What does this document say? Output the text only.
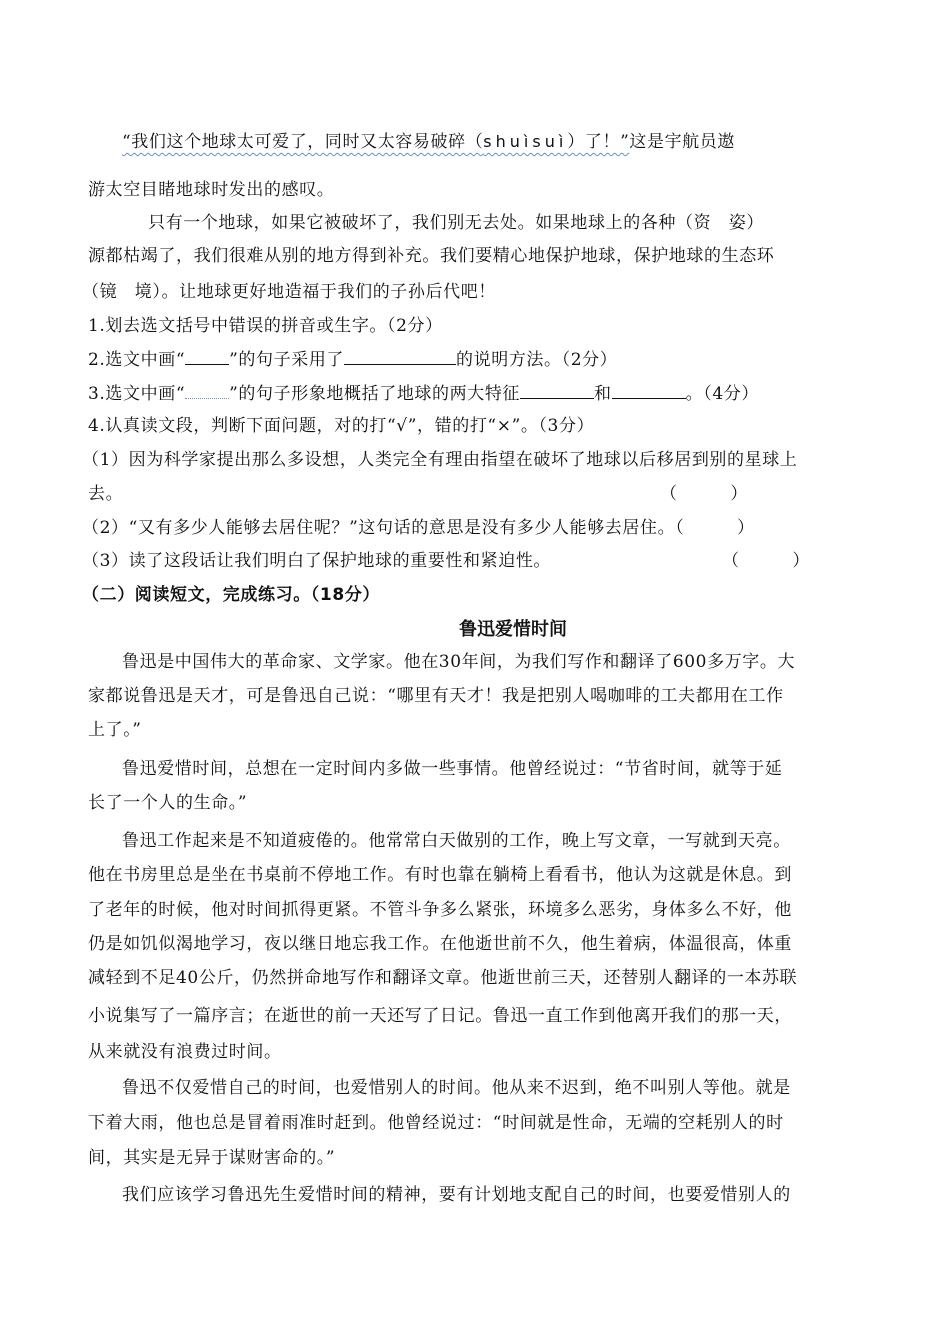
“我们这个地球太可爱了，同时又太容易破碎（shuìsuì）了！”这是宇航员遨
游太空目睹地球时发出的感叹。
只有一个地球，如果它被破坏了，我们别无去处。如果地球上的各种（资　姿）
源都枯竭了，我们很难从别的地方得到补充。我们要精心地保护地球，保护地球的生态环
（镜　境）。让地球更好地造福于我们的子孙后代吧！
1.划去选文括号中错误的拼音或生字。（2分）
2.选文中画“	”的句子采用了	的说明方法。（2分）
3.选文中画“	”的句子形象地概括了地球的两大特征	和	。（4分）
4.认真读文段，判断下面问题，对的打“√”，错的打“×”。（3分）
（1）因为科学家提出那么多设想，人类完全有理由指望在破坏了地球以后移居到别的星球上
去。	（　　　）
（2）“又有多少人能够去居住呢？”这句话的意思是没有多少人能够去居住。（　　　）
（3）读了这段话让我们明白了保护地球的重要性和紧迫性。	（　　　）
（二）阅读短文，完成练习。（18分）
鲁迅爱惜时间
鲁迅是中国伟大的革命家、文学家。他在30年间，为我们写作和翻译了600多万字。大
家都说鲁迅是天才，可是鲁迅自己说：“哪里有天才！我是把别人喝咖啡的工夫都用在工作
上了。”
鲁迅爱惜时间，总想在一定时间内多做一些事情。他曾经说过：“节省时间，就等于延
长了一个人的生命。”
鲁迅工作起来是不知道疲倦的。他常常白天做别的工作，晚上写文章，一写就到天亮。
他在书房里总是坐在书桌前不停地工作。有时也靠在躺椅上看看书，他认为这就是休息。到
了老年的时候，他对时间抓得更紧。不管斗争多么紧张，环境多么恶劣，身体多么不好，他
仍是如饥似渴地学习，夜以继日地忘我工作。在他逝世前不久，他生着病，体温很高，体重
减轻到不足40公斤，仍然拼命地写作和翻译文章。他逝世前三天，还替别人翻译的一本苏联
小说集写了一篇序言；在逝世的前一天还写了日记。鲁迅一直工作到他离开我们的那一天，
从来就没有浪费过时间。
鲁迅不仅爱惜自己的时间，也爱惜别人的时间。他从来不迟到，绝不叫别人等他。就是
下着大雨，他也总是冒着雨准时赶到。他曾经说过：“时间就是性命，无端的空耗别人的时
间，其实是无异于谋财害命的。”
我们应该学习鲁迅先生爱惜时间的精神，要有计划地支配自己的时间，也要爱惜别人的
